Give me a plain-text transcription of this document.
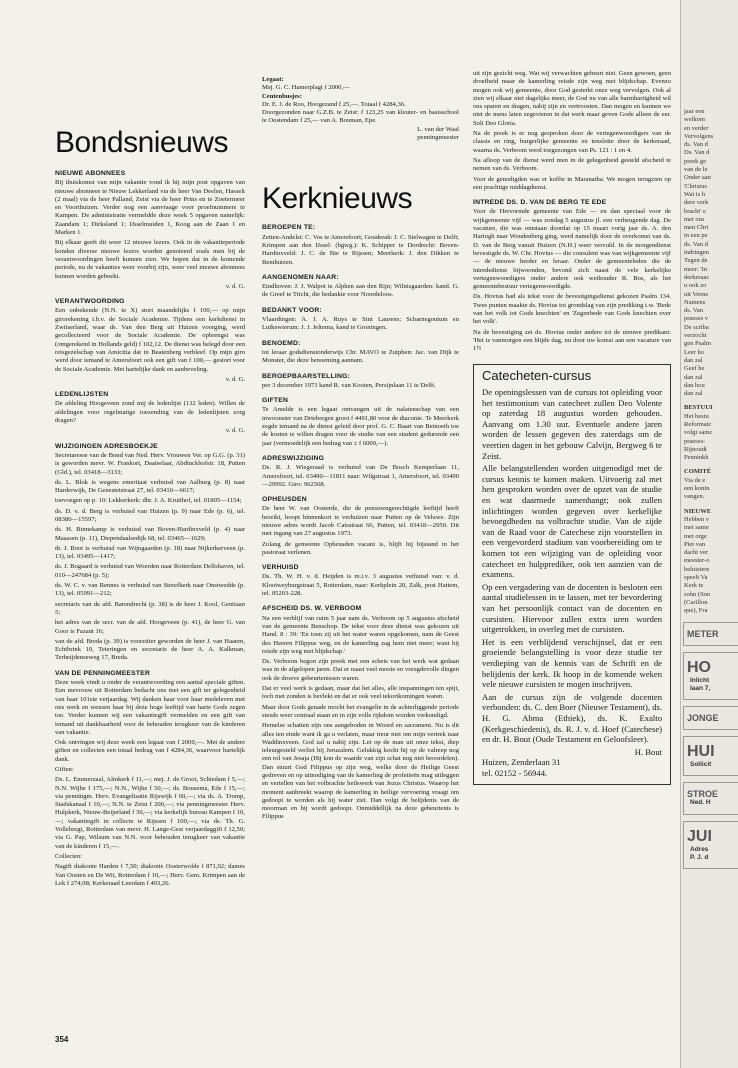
Bondsnieuws
NIEUWE ABONNEES

Bij thuiskomst van mijn vakantie vond ik bij mijn post opgaven van nieuwe abonnees te Nieuw Lekkerland via de heer Van Deelen, Hasselt (2 maal) via de heer Palland, Zeist via de heer Prins en te Zoetermeer en Voorthuizen. Verder nog een aanvraage voor proefnummers te Kampen. De administratie vermeldde deze week 5 opgaven namelijk: Zaandam 1; Dirksland 1; IJsselmuiden 1, Koog aan de Zaan 1 en Marken 1.

Bij elkaar geeft dit weer 12 nieuwe lezers. Ook in de vakantieperiode konden diverse nieuwe lezers worden genoteerd zoals men bij de verantwoordingen heeft kunnen zien. We hopen dat in de komende periode, nu de vakanties weer voorbij zijn, weer veel nieuwe abonnees kunnen worden geboekt.

v. d. G.
VERANTWOORDING

Een onbekende (N.N. te X) stort maandelijks f 100,— op mijn girorekening t.b.v. de Sociale Academie. Tijdens een kerkdienst in Zwitserland, waar ds. Van den Berg uit Huizen voorging, werd gecollecteerd voor de Sociale Academie. De opbrengst was (omgerekend in Hollands geld) f 102,12. De dienst was belegd door een reisgezelschap van Amicitia dat in Beatenberg verbleef. Op mijn giro werd door iemand te Amersfoort ook een gift van f 100,— gestort voor de Sociale Academie. Met hartelijke dank en aanbeveling.

v. d. G.
LEDENLIJSTEN

De afdeling Hoogeveen zond mij de ledenlijst (132 leden). Willen de afdelingen voor regelmatige toezending van de ledenlijsten zorg dragen?

v. d. G.
WIJZIGINGEN ADRESBOEKJE

Secretaresse van de Bond van Ned. Herv. Vrouwen Ver. op G.G. (p. 31) is geworden mevr. W. Frankort, Daatselaar, Abdinckhofstr. 18, Putten (Gld.), tel. 03418—3133;

ds. L. Blok is wegens emeritaat verhuisd van Aalburg (p. 8) naar Harderwijk, De Genestetstraat 27, tel. 03410—6617;

toevoegen op p. 10: Lekkerkerk: dhr. J. A. Kruithof, tel. 01805—1154;

ds. D. v. d. Berg is verhuisd van Huizen (p. 9) naar Ede (p. 6), tel. 08380—15597;

ds. H. Binnekamp is verhuisd van Boven-Hardinxveld (p. 4) naar Maassen (p. 11), Diependaalsedijk 68, tel. 03465—1629;

dr. J. Boot is verhuisd van Wijngaarden (p. 18) naar Nijkerkerveen (p. 13), tel. 03495—1417;

ds. J. Bogaard is verhuisd van Woerden naar Rotterdam Delfshaven, tel. 010—247684 (p. 5);

ds. W. C. v. van Rennes is verhuisd van Streefkerk naar Onstwedde (p. 13), tel. 05991—212;

secretaris van de afd. Barendrecht (p. 38) is de heer J. Kool, Gentiaan 5;

het adres van de secr. van de afd. Hoogeveen (p. 41), de heer G. van Goor is Fazant 16;

van de afd. Breda (p. 39) is voorzitter geworden de heer J. van Haaren, Echtbrink 10, Teteringen en secretaris de heer A. A. Kalkman, Terheijdenseweg 17, Breda.

VAN DE PENNINGMEESTER

Deze week vindt u onder de verantwoording een aantal speciale giften. Een mevrouw uit Rotterdam bedacht ons met een gift ter gelegenheid van haar 101ste verjaardag. Wij danken haar voor haar medeleven met ons werk en wensen haar bij deze hoge leeftijd van harte Gods zegen toe. Verder kunnen wij een vakantiegift vermelden en een gift van iemand uit dankbaarheid voor de behouden terugkeer van de kinderen van vakantie.

Ook ontvingen wij deze week een legaat van f 2000,—. Met de andere giften en collecten een totaal bedrag van f 4284,36, waarvoor hartelijk dank.

Giften:

Ds. L. Emmerzaal, Almkerk f 11,—; mej. J. de Groot, Schiedam f 5,—; N.N. Wijhe f 175,—; N.N., Wijhe f 50,—; ds. Bousema, Ede f 15,—; via penningm. Herv. Evangelisatie Rijswijk f 60,—; via ds. A. Tromp, Stadskanaal f 10,—; N.N. te Zeist f 200,—; via penningmeester Herv. Hulpkerk, Nieuw-Beijerland f 30,—; via kerkelijk bureau Kampen f 10,—; vakantiegift in collecte te Rijssen f 100,—; via ds. Th. G. Vollebregt, Rotterdam van mevr. H. Lange-Gest verjaardaggift f 12,50; via G. Pap, Wilsum van N.N. voor behouden terugkeer van vakantie van de kinderen f 15,—.

Collecten:

Nagift diakonie Harden f 7,50; diakonie Oosterwolde f 871,02; dames Van Oosten en De Wit, Rotterdam f 10,—; Herv. Gem. Krimpen aan de Lek f 274,08; Kerkeraad Leerdam f 403,26.

Legaat:
Mej. G. C. Hamerplagt f 2000,—
Centenbusjes:
Dr. E. J. de Roo, Hoogezand f 25,—. Totaal f 4284,36.
Doorgezonden naar G.Z.B. te Zeist: f 123,25 van kleuter- en basisschool te Oostendam f 25,— van A. Bouman, Epe.
L. van der Waal
penningmeester
Kerknieuws
BEROEPEN TE:

Zetten-Andelst: C. Vos te Amersfoort; Gouderak: J. C. Stelwagen te Delft; Krimpen aan den IJssel: (bgwg.): K. Schipper te Dordrecht: Boven-Hardinxveld: J. C. de Bie te Rijssen; Meerkerk: J. den Dikken te Benthuizen.

AANGENOMEN NAAR:

Eindhoven: J. J. Walpot te Alphen aan den Rijn; Wilnisgaarden: kand. G. de Greef te Tricht, die bedankte voor Noordeloos.

BEDANKT VOOR:

Vlaardingen: A. J. A. Ruys te Sint Laurens; Scharnegoutum en Lutkewierum: J. J. Jeltema, kand te Groningen.

BENOEMD:

tot leraar godsdienstonderwijs Chr. MAVO te Zutphen: Jac. van Dijk te Monster, die deze benoeming aannam.

BEROEPBAARSTELLING:

per 3 december 1973 kand R. van Kooten, Persijnlaan 11 te Delft.

GIFTEN

Te Amelde is een legaat ontvangen uit de nalatenschap van een inwoonster van Driebergen groot f 4491,80 voor de diaconie. Te Meerkerk zegde iemand na de dienst geleid door prof. G. C. Baart van Beinoeth toe de kosten te willen dragen voor de studie van een student gedurende een jaar (vermoedelijk een bedrag van ± f 6000,—).

ADRESWIJZIGING

Ds. R. J. Wiegeraad is verhuisd van De Bosch Kemperlaan 11, Amersfoort, tel. 03490—11811 naar: Wilgstraat 1, Amersfoort, tel. 03490—29992. Giro: 962568.

OPHEUSDEN

De heer W. van Oosterde, die de pensioengerechtigde leeftijd heeft bereikt, hoopt binnenkort te verhuizen naar Putten op de Veluwe. Zijn nieuwe adres wordt Jacob Catsstraat 66, Putten, tel. 03418—2950. Dit met ingang van 27 augustus 1973.

Zolang de gemeente Opheusden vacant is, blijft hij bijstand in het pastoraat verlenen.

VERHUISD

Ds. Th. W. H. v. d. Heijden is m.i.v. 3 augustus verhuisd van: v. d. Klootweyburgstraat 5, Rotterdam, naar: Kerkplein 20, Zalk, post Hattem, tel. 05203-228.

AFSCHEID DS. W. VERBOOM

Na een verblijf van ruim 5 jaar nam ds. Verboom op 5 augustus afscheid van de gemeente Benschop. De tekst voor deze dienst was gekozen uit Hand. 8 : 39: 'En toen zij uit het water waren opgekomen, nam de Geest des Heeren Filippus weg, en de kamerling zag hem niet meer; want hij reisde zijn weg met blijdschap.'

Ds. Verboom begon zijn preek met een schets van het werk wat gedaan was in de afgelopen jaren. Dat er naast veel mooie en vreugdevolle dingen ook de droeve gebeurtenissen waren.

Dat er veel werk is gedaan, maar dat het alles, alle inspanningen ten spijt, toch met zonden is bevlekt en dat er ook veel tekortkomingen waren.

Maar door Gods genade mocht het evangelie in de achterliggende periode steeds weer centraal staan en in zijn volle rijkdom worden verkondigd.

Hemelse schatten zijn ons aangeboden in Woord en sacrament. Nu is dit alles ten einde want ik ga u verlaten, maar treur niet om mijn vertrek naar Waddinxveen. God zal u nabij zijn. Let op de man uit onze tekst, diep teleurgesteld verliet hij Jeruzalem. Gelukkig kocht hij op de valreep nog een rol van Jesaja (Hij kon de waarde van zijn schat nog niet beoordelen). Dan stuurt God Filippus op zijn weg, welke door de Heilige Geest gedreven en op uitnodiging van de kamerling de profetieën mag uitleggen en vertellen van het volbrachte heilswerk van Jezus Christus. Waarop het moment aanbreekt waarop de kamerling in heilige vervoering vraagt om gedoopt te worden als hij water ziet. Dan volgt de belijdenis van de moorman en hij wordt gedoopt. Onmiddellijk na deze gebeurtenis is Filippus

uit zijn gezicht weg. Wat wij verwachten gebeurt niet. Geen gewoen, geen droefheid maar de kamerling reisde zijn weg met blijdschap. Evenzo mogen ook wij gemeente, door God gesterkt onze weg vervolgen. Ook al zien wij elkaar niet dagelijks meer, de God nu van alle barmhartigheid wil ons sparen en dragen, nabij zijn en vertroosten. Dan mogen en kunnen we niet de mens laten zegevieren in dat werk maar geven Gode alleen de eer. Soli Deo Gloria.

Na de preek is er nog gesproken door de vertegenwoordigers van de classis en ring, burgerlijke gemeente en tenslotte door de kerkeraad, waarna ds. Verboom werd toegezongen van Ps. 121 : 1 en 4.

Na afloop van de dienst werd men in de gelegenheid gesteld afscheid te nemen van ds. Verboom.

Voor de genodigden was er koffie in Maranatha. We mogen terugzien op een prachtige middagdienst.

INTREDE DS. D. VAN DE BERG TE EDE

Voor de Hervormde gemeente van Ede — en dan speciaal voor de wijkgemeente vijf — was zondag 5 augustus jl. een verheugende dag. De vacature, die was ontstaan doordat op 15 maart vorig jaar ds. A. den Hartogh naar Woudenberg ging, werd namelijk door de overkomst van ds. D. van de Berg vanuit Huizen (N.H.) weer vervuld. In de morgendienst bevestigde ds. W. Chr. Hovius — die consulent was van wijkgemeente vijf — de nieuwe herder en leraar. Onder de gemeenteleden die de intrededienst bijwoonden, bevond zich naast de vele kerkelijke vertegenwoordigers onder andere ook wethouder R. Bos, als het gemeentebestuur vertegenwoordigde.

Ds. Hovius had als tekst voor de bevestigingsdienst gekozen Psalm 134. Twee punten maakte ds. Hovius tot grondslag van zijn prediking t.w. 'Bede van het volk tot Gods knechten' en 'Zegenbede van Gods knechten over het volk'.

Na de bevestiging zei ds. Hovius onder andere tot de nieuwe predikant: 'Het is vanmorgen een blijde dag, nu door uw komst aan een vacature van 1½

Catecheten-cursus

De openingslessen van de cursus tot opleiding voor het testimonium van catecheet zullen Deo Volente op zaterdag 18 augustus worden gehouden. Aanvang om 1.30 uur. Eventuele andere jaren worden de lessen gegeven des zaterdags om de veertien dagen in het gebouw Calvijn, Bergweg 6 te Zeist.

Alle belangstellenden worden uitgenodigd met de cursus kennis te komen maken. Uitvoerig zal met hen gesproken worden over de opzet van de studie en wat daarmede samenhangt; ook zullen inlichtingen worden gegeven over kerkelijke bevoegdheden na volbrachte studie. Van de zijde van de Raad voor de Catechese zijn voorstellen in een vergevorderd stadium van voorbereiding om te komen tot een wijziging van de opleiding voor catecheet en hulpprediker, ook ten aanzien van de examens.

Op een vergadering van de docenten is besloten een aantal studielessen in te lassen, met ter bevordering van het persoonlijk contact van de docenten en cursisten. Hiervoor zullen extra uren worden uitgetrokken, in overleg met de cursisten.

Het is een verblijdend verschijnsel, dat er een groeiende belangstelling is voor deze studie ter verdieping van de kennis van de Schrift en de belijdenis der kerk. Ik hoop in de komende weken vele nieuwe cursisten te mogen inschrijven.

Aan de cursus zijn de volgende docenten verbonden: ds. C. den Boer (Nieuwe Testament), ds. H. G. Abma (Ethiek), ds. K. Exalto (Kerkgeschiedenis), ds. R. J. v. d. Hoef (Catechese) en dr. H. Bout (Oude Testament en Geloofsleer).

H. Bout
Huizen, Zenderlaan 31
tel. 02152 - 56944.
354
jaar een
welkom
en verder
Vervolgens
ds. Van d
Ds. Van d
preek ge
van de le
Onder aan
'Christus
Wat is h
dere verk
bracht' e
met ons
men Chri
in een pe
ds. Van d
indringen
Tegen de
meer: 'In
derkeraac
u ook zo
uit Veene
Namens
ds. Van
praeses v
De scriba
verzocht
gen Psalm
Leer ho
dan zal
Geef he
dan zal
dan hou
dan zal
BESTUUI
Het bestu
Reformatc
volgt samc
praeses:
Rijnoudt
Penninkh
COMITÉ
Via de e
een konin
vangen.
NIEUWE
Hebben v
met same
met orge
Piet van
dacht ver
meester-o
beluistere
speelt Va
Kerk te
sohn (Son
(Carillon
que), Fra
METER
HO
Inlicht
laan 7,
JONGE
HUI
Sollicit
STROE
Ned. H
JUI
Adres
P. J. d
